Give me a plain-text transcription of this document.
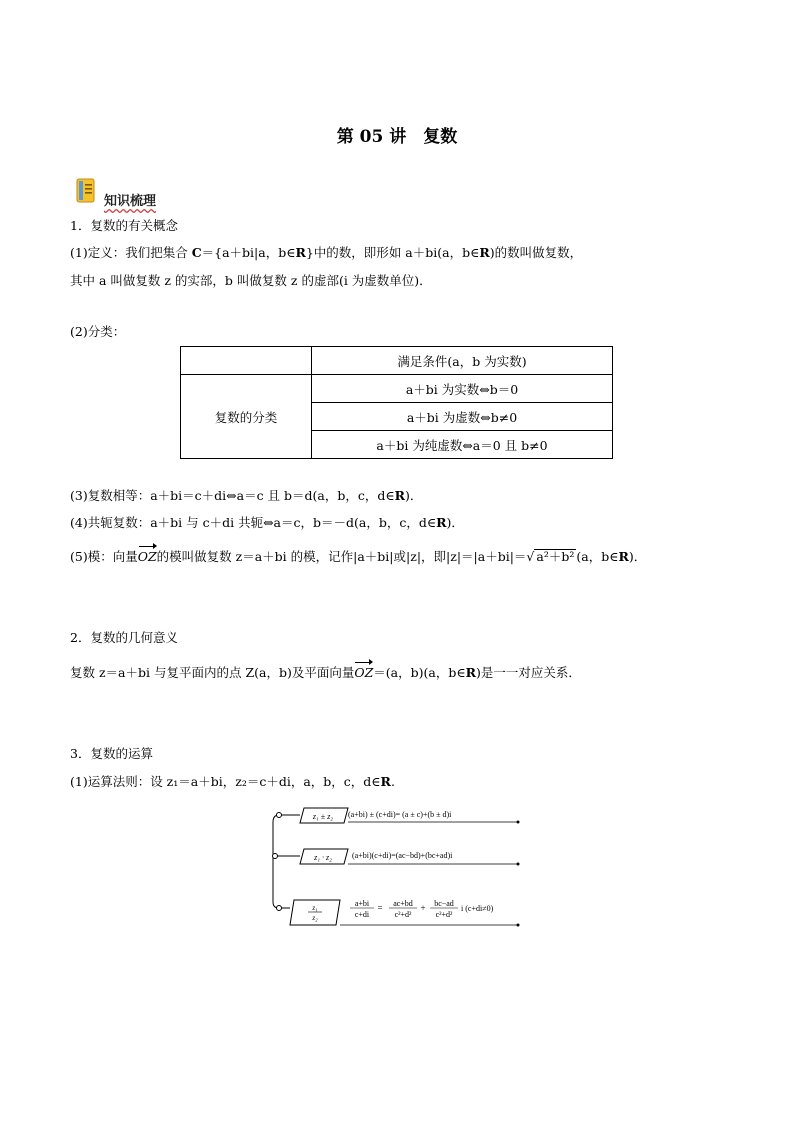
第 05 讲　复数
知识梳理
1．复数的有关概念
(1)定义：我们把集合 C＝{a＋bi|a，b∈R}中的数，即形如 a＋bi(a，b∈R)的数叫做复数，
其中 a 叫做复数 z 的实部，b 叫做复数 z 的虚部(i 为虚数单位)．
(2)分类：
	满足条件(a，b 为实数)
复数的分类	a＋bi 为实数⇔b＝0
	a＋bi 为虚数⇔b≠0
	a＋bi 为纯虚数⇔a＝0 且 b≠0
(3)复数相等：a＋bi＝c＋di⇔a＝c 且 b＝d(a，b，c，d∈R)．
(4)共轭复数：a＋bi 与 c＋di 共轭⇔a＝c，b＝－d(a，b，c，d∈R)．
(5)模：向量OZ的模叫做复数 z＝a＋bi 的模，记作|a＋bi|或|z|，即|z|＝|a＋bi|＝√ a²＋b² (a，b∈R)．
2．复数的几何意义
复数 z＝a＋bi 与复平面内的点 Z(a，b)及平面向量OZ＝(a，b)(a，b∈R)是一一对应关系．
3．复数的运算
(1)运算法则：设 z₁＝a＋bi，z₂＝c＋di，a，b，c，d∈R.
z₁ ± z₂ (a+bi) ± (c+di)= (a ± c)+(b ± d)i
z₁ · z₂	(a+bi)(c+di)=(ac−bd)+(bc+ad)i
z₁
z₂
a+bi
c+di
= ac+bd
c²+d²
+ bc−ad
c²+d²
i (c+di≠0)
